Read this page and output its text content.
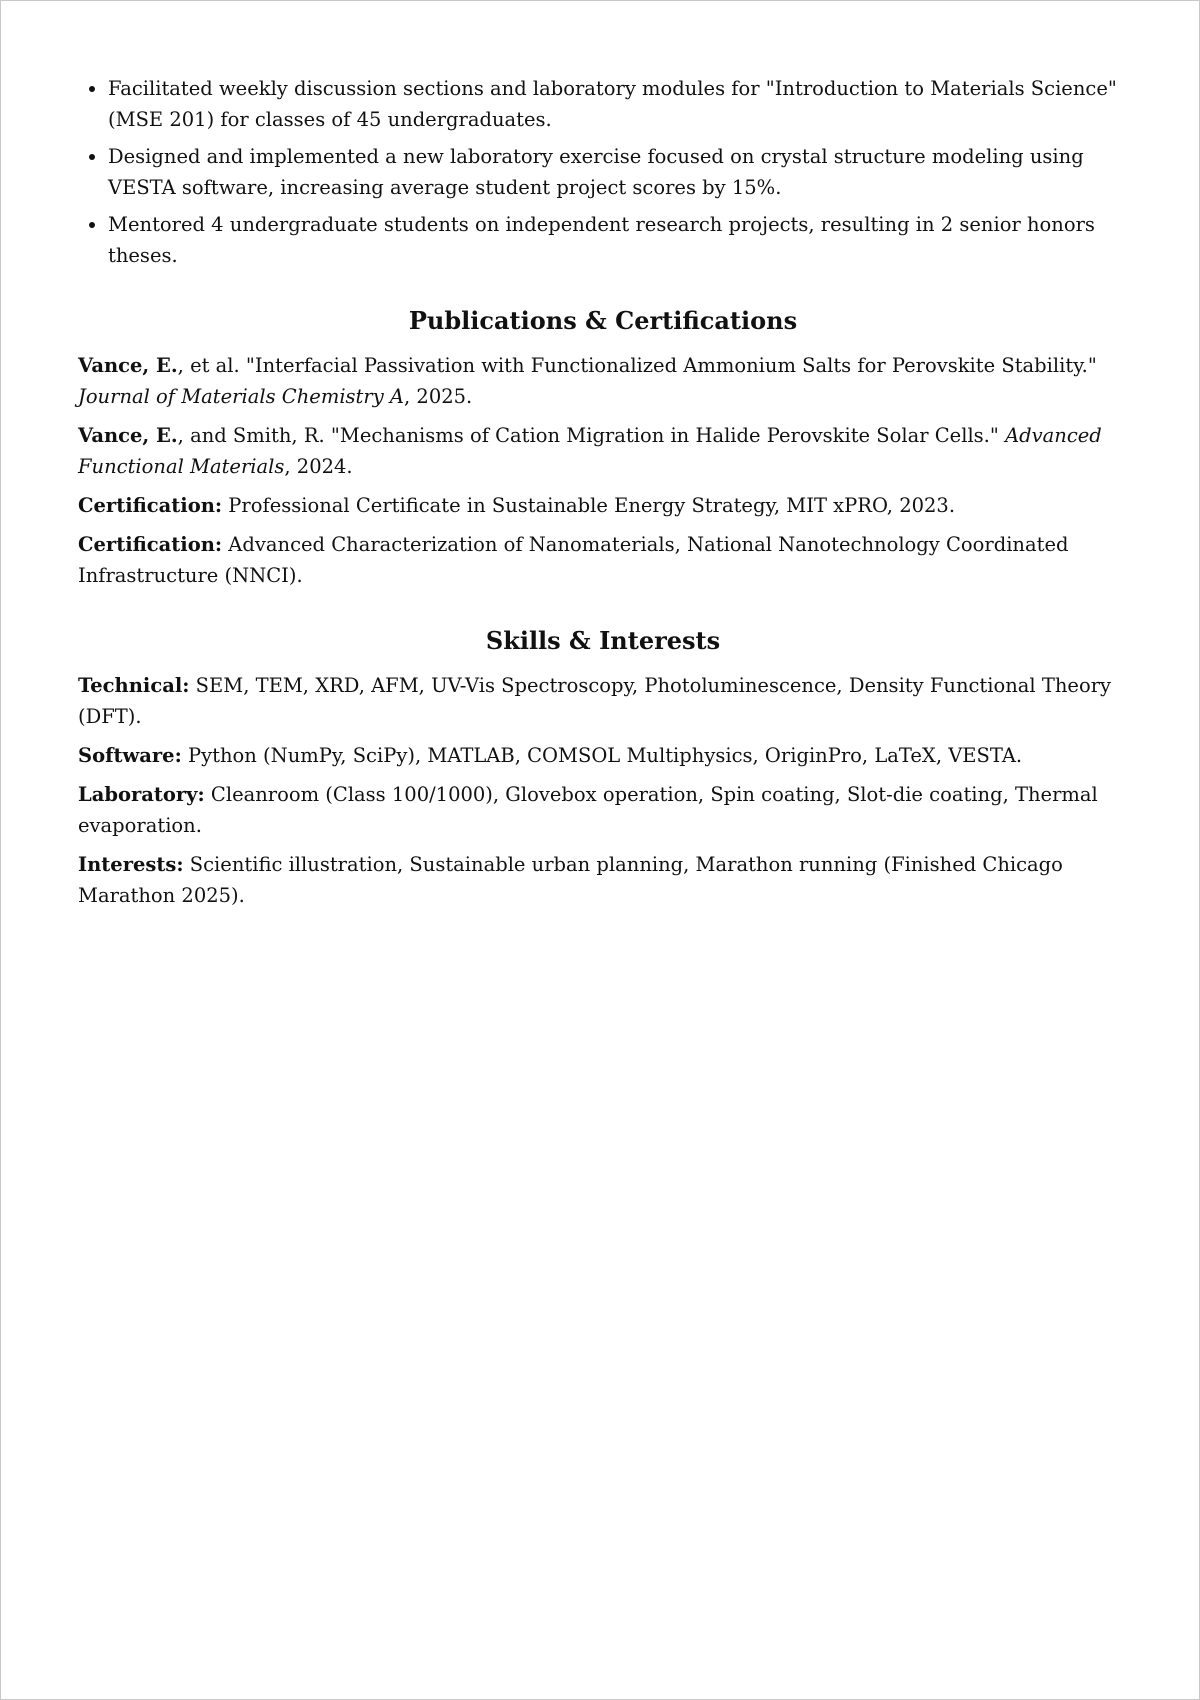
• Facilitated weekly discussion sections and laboratory modules for "Introduction to Materials Science" (MSE 201) for classes of 45 undergraduates.
• Designed and implemented a new laboratory exercise focused on crystal structure modeling using VESTA software, increasing average student project scores by 15%.
• Mentored 4 undergraduate students on independent research projects, resulting in 2 senior honors theses.
Publications & Certifications

Vance, E., et al. "Interfacial Passivation with Functionalized Ammonium Salts for Perovskite Stability." Journal of Materials Chemistry A, 2025.

Vance, E., and Smith, R. "Mechanisms of Cation Migration in Halide Perovskite Solar Cells." Advanced Functional Materials, 2024.

Certification: Professional Certificate in Sustainable Energy Strategy, MIT xPRO, 2023.

Certification: Advanced Characterization of Nanomaterials, National Nanotechnology Coordinated Infrastructure (NNCI).

Skills & Interests

Technical: SEM, TEM, XRD, AFM, UV-Vis Spectroscopy, Photoluminescence, Density Functional Theory (DFT).

Software: Python (NumPy, SciPy), MATLAB, COMSOL Multiphysics, OriginPro, LaTeX, VESTA.

Laboratory: Cleanroom (Class 100/1000), Glovebox operation, Spin coating, Slot-die coating, Thermal evaporation.

Interests: Scientific illustration, Sustainable urban planning, Marathon running (Finished Chicago Marathon 2025).
